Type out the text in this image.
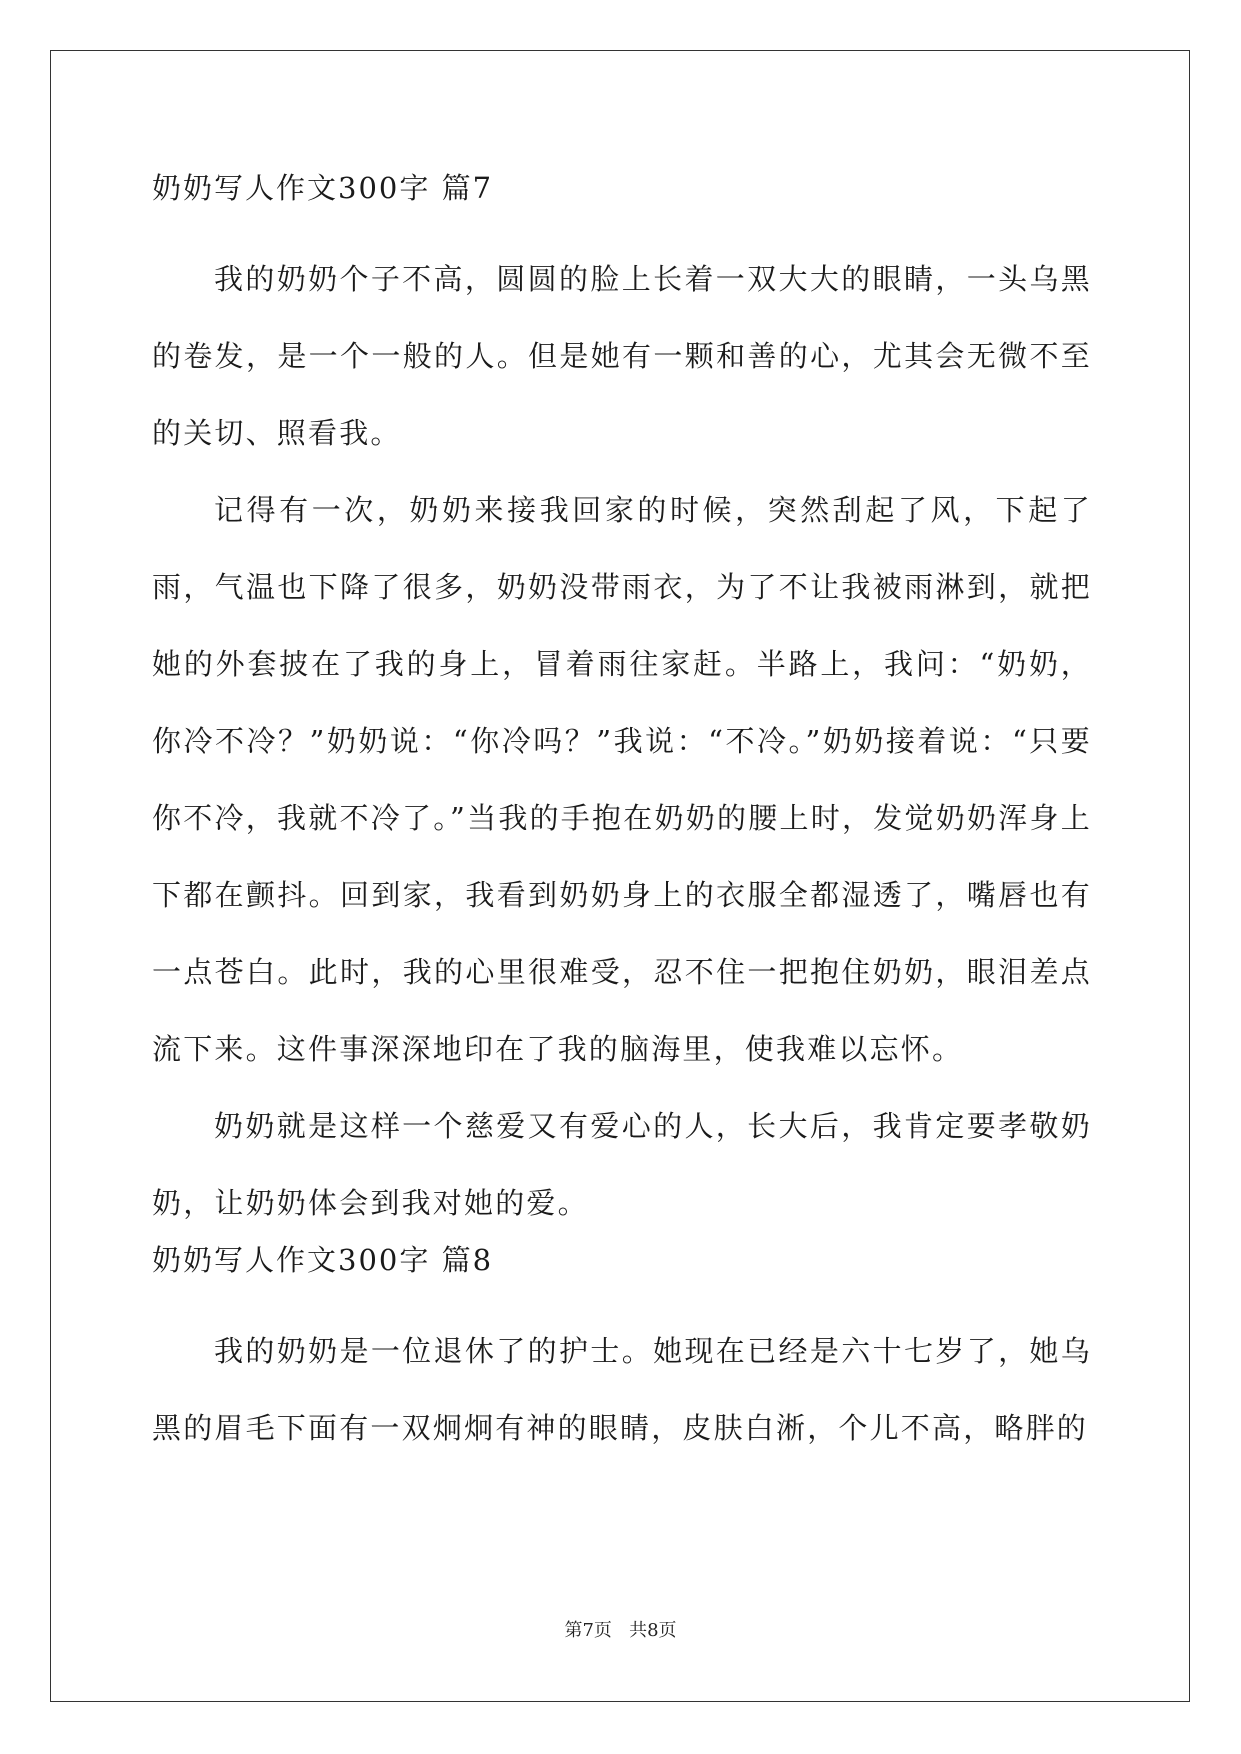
奶奶写人作文300字 篇7

我的奶奶个子不高，圆圆的脸上长着一双大大的眼睛，一头乌黑的卷发，是一个一般的人。但是她有一颗和善的心，尤其会无微不至的关切、照看我。

记得有一次，奶奶来接我回家的时候，突然刮起了风，下起了雨，气温也下降了很多，奶奶没带雨衣，为了不让我被雨淋到，就把她的外套披在了我的身上，冒着雨往家赶。半路上，我问：“奶奶，你冷不冷？”奶奶说：“你冷吗？”我说：“不冷。”奶奶接着说：“只要你不冷，我就不冷了。”当我的手抱在奶奶的腰上时，发觉奶奶浑身上下都在颤抖。回到家，我看到奶奶身上的衣服全都湿透了，嘴唇也有一点苍白。此时，我的心里很难受，忍不住一把抱住奶奶，眼泪差点流下来。这件事深深地印在了我的脑海里，使我难以忘怀。

奶奶就是这样一个慈爱又有爱心的人，长大后，我肯定要孝敬奶奶，让奶奶体会到我对她的爱。

奶奶写人作文300字 篇8

我的奶奶是一位退休了的护士。她现在已经是六十七岁了，她乌黑的眉毛下面有一双炯炯有神的眼睛，皮肤白淅，个儿不高，略胖的

第7页   共8页
